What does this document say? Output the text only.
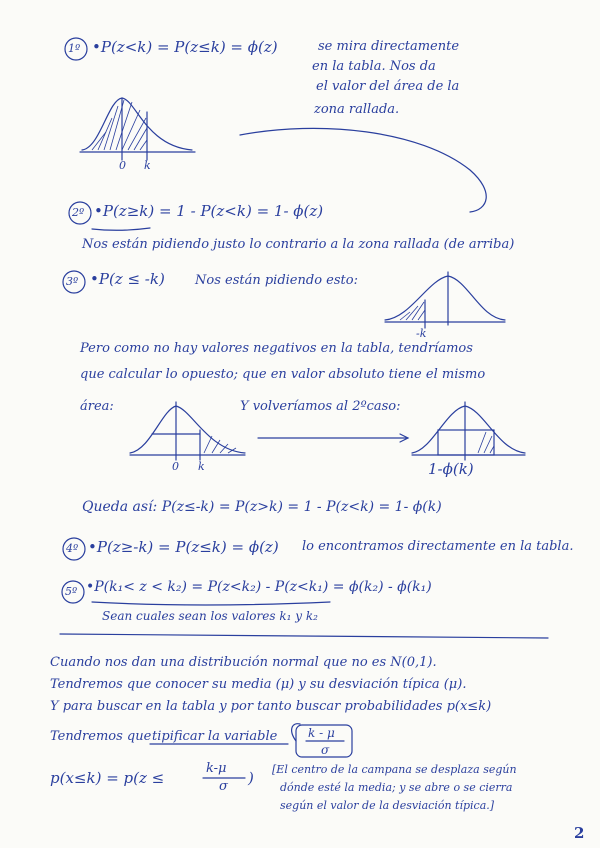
1º •P(z<k) = P(z≤k) = ϕ(z)	se mira directamente
en la tabla. Nos da
el valor del área de la
zona rallada.
0 k
2º •P(z≥k) = 1 - P(z<k) = 1- ϕ(z)
Nos están pidiendo justo lo contrario a la zona rallada (de arriba)
3º •P(z ≤ -k) Nos están pidiendo esto:
-k
Pero como no hay valores negativos en la tabla, tendríamos
que calcular lo opuesto; que en valor absoluto tiene el mismo
área:	Y volveríamos al 2ºcaso:
0 k	1-ϕ(k)
Queda así: P(z≤-k) = P(z>k) = 1 - P(z<k) = 1- ϕ(k)
4º •P(z≥-k) = P(z≤k) = ϕ(z) lo encontramos directamente en la tabla.
5º •P(k₁< z < k₂) = P(z<k₂) - P(z<k₁) = ϕ(k₂) - ϕ(k₁)
Sean cuales sean los valores k₁ y k₂
Cuando nos dan una distribución normal que no es N(0,1).
Tendremos que conocer su media (μ) y su desviación típica (μ).
Y para buscar en la tabla y por tanto buscar probabilidades p(x≤k)
Tendremos que tipificar la variable	k - μ
σ
p(x≤k) = p(z ≤
k-μ
σ ) [El centro de la campana se desplaza según
dónde esté la media; y se abre o se cierra
según el valor de la desviación típica.]
2
